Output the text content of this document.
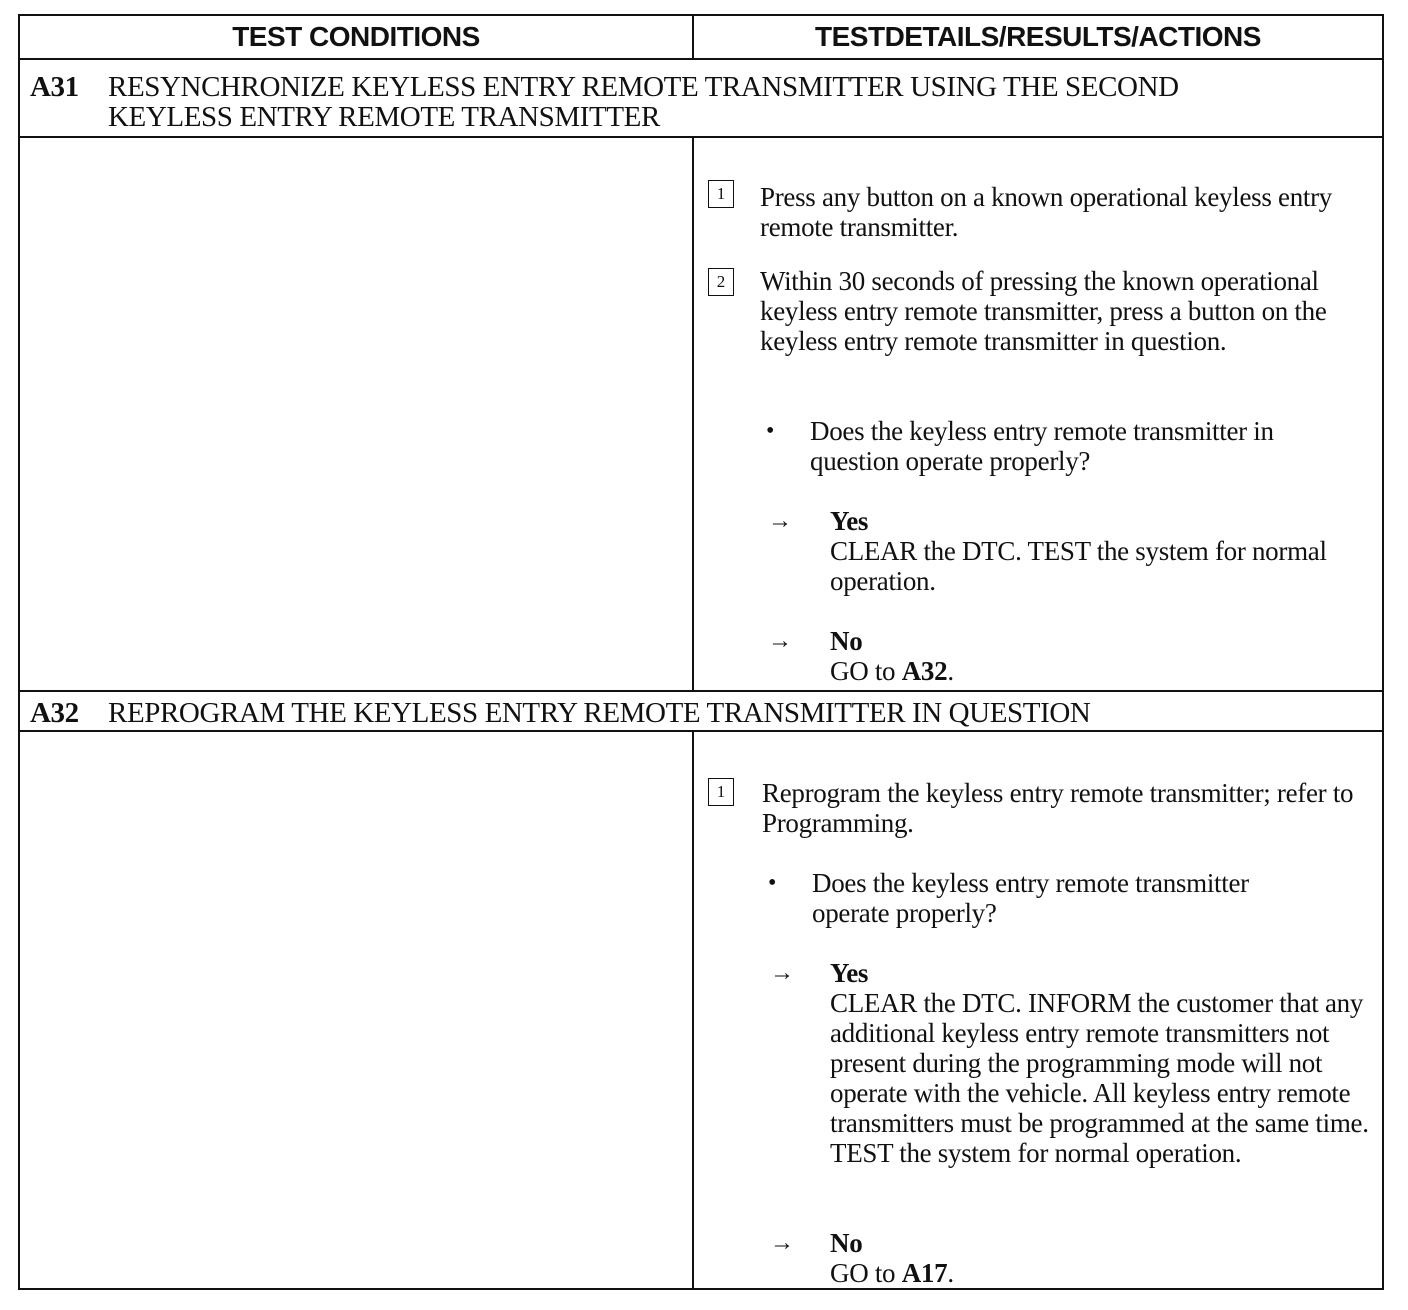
TEST CONDITIONS	TESTDETAILS/RESULTS/ACTIONS
A31 RESYNCHRONIZE KEYLESS ENTRY REMOTE TRANSMITTER USING THE SECOND
KEYLESS ENTRY REMOTE TRANSMITTER
1	Press any button on a known operational keyless entry remote transmitter.
2	Within 30 seconds of pressing the known operational keyless entry remote transmitter, press a button on the keyless entry remote transmitter in question.
• Does the keyless entry remote transmitter in question operate properly?
→ Yes
CLEAR the DTC. TEST the system for normal operation.
→ No
GO to A32.
A32 REPROGRAM THE KEYLESS ENTRY REMOTE TRANSMITTER IN QUESTION
1	Reprogram the keyless entry remote transmitter; refer to Programming.
• Does the keyless entry remote transmitter operate properly?
→ Yes
CLEAR the DTC. INFORM the customer that any additional keyless entry remote transmitters not present during the programming mode will not operate with the vehicle. All keyless entry remote transmitters must be programmed at the same time. TEST the system for normal operation.
→ No
GO to A17.
